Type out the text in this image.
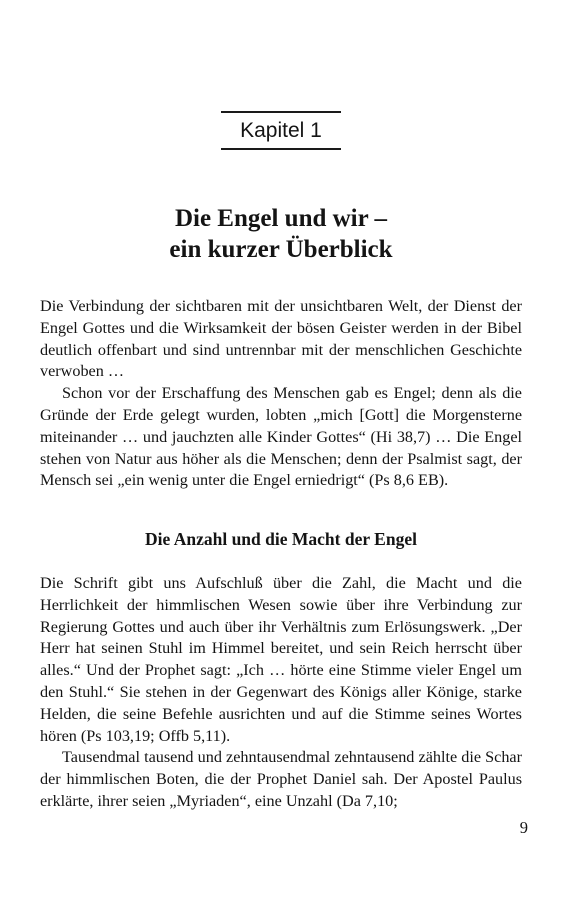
Kapitel 1
Die Engel und wir –
ein kurzer Überblick

Die Verbindung der sichtbaren mit der unsichtbaren Welt, der Dienst der Engel Gottes und die Wirksamkeit der bösen Geister werden in der Bibel deutlich offenbart und sind untrennbar mit der menschlichen Geschichte verwoben …

Schon vor der Erschaffung des Menschen gab es Engel; denn als die Gründe der Erde gelegt wurden, lobten „mich [Gott] die Morgensterne miteinander … und jauchzten alle Kinder Gottes“ (Hi 38,7) … Die Engel stehen von Natur aus höher als die Menschen; denn der Psalmist sagt, der Mensch sei „ein wenig unter die Engel erniedrigt“ (Ps 8,6 EB).

Die Anzahl und die Macht der Engel

Die Schrift gibt uns Aufschluß über die Zahl, die Macht und die Herrlichkeit der himmlischen Wesen sowie über ihre Verbindung zur Regierung Gottes und auch über ihr Verhältnis zum Erlösungswerk. „Der Herr hat seinen Stuhl im Himmel bereitet, und sein Reich herrscht über alles.“ Und der Prophet sagt: „Ich … hörte eine Stimme vieler Engel um den Stuhl.“ Sie stehen in der Gegenwart des Königs aller Könige, starke Helden, die seine Befehle ausrichten und auf die Stimme seines Wortes hören (Ps 103,19; Offb 5,11).

Tausendmal tausend und zehntausendmal zehntausend zählte die Schar der himmlischen Boten, die der Prophet Daniel sah. Der Apostel Paulus erklärte, ihrer seien „Myriaden“, eine Unzahl (Da 7,10;

9
